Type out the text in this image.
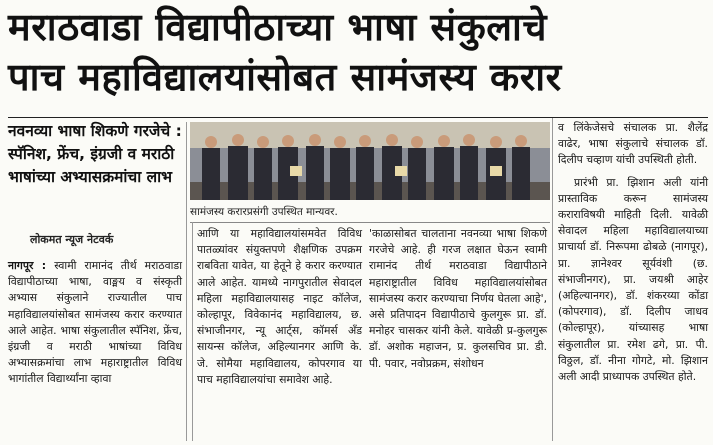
मराठवाडा विद्यापीठाच्या भाषा संकुलाचे
पाच महाविद्यालयांसोबत सामंजस्य करार
नवनव्या भाषा शिकणे गरजेचे : स्पॅनिश, फ्रेंच, इंग्रजी व मराठी भाषांच्या अभ्यासक्रमांचा लाभ
लोकमत न्यूज नेटवर्क
सामंजस्य करारप्रसंगी उपस्थित मान्यवर.

नागपूर : स्वामी रामानंद तीर्थ मराठवाडा विद्यापीठाच्या भाषा, वाङ्मय व संस्कृती अभ्यास संकुलाने राज्यातील पाच महाविद्यालयांसोबत सामंजस्य करार करण्यात आले आहेत. भाषा संकुलातील स्पॅनिश, फ्रेंच, इंग्रजी व मराठी भाषांच्या विविध अभ्यासक्रमांचा लाभ महाराष्ट्रातील विविध भागांतील विद्यार्थ्यांना व्हावा

आणि या महाविद्यालयांसमवेत विविध पातळ्यांवर संयुक्तपणे शैक्षणिक उपक्रम राबविता यावेत, या हेतूने हे करार करण्यात आले आहेत. यामध्ये नागपुरातील सेवादल महिला महाविद्यालयासह नाइट कॉलेज, कोल्हापूर, विवेकानंद महाविद्यालय, छ. संभाजीनगर, न्यू आर्ट्स, कॉमर्स अँड सायन्स कॉलेज, अहिल्यानगर आणि के. जे. सोमैया महाविद्यालय, कोपरगाव या पाच महाविद्यालयांचा समावेश आहे.

'काळासोबत चालताना नवनव्या भाषा शिकणे गरजेचे आहे. ही गरज लक्षात घेऊन स्वामी रामानंद तीर्थ मराठवाडा विद्यापीठाने महाराष्ट्रातील विविध महाविद्यालयांसोबत सामंजस्य करार करण्याचा निर्णय घेतला आहे', असे प्रतिपादन विद्यापीठाचे कुलगुरू प्रा. डॉ. मनोहर चासकर यांनी केले. यावेळी प्र-कुलगुरू डॉ. अशोक महाजन, प्र. कुलसचिव प्रा. डी. पी. पवार, नवोप्रक्रम, संशोधन

व लिंकेजेसचे संचालक प्रा. शैलेंद्र वाढेर, भाषा संकुलाचे संचालक डॉ. दिलीप चव्हाण यांची उपस्थिती होती.

प्रारंभी प्रा. झिशान अली यांनी प्रास्ताविक करून सामंजस्य कराराविषयी माहिती दिली. यावेळी सेवादल महिला महाविद्यालयाच्या प्राचार्या डॉ. निरूपमा ढोबळे (नागपूर), प्रा. ज्ञानेश्वर सूर्यवंशी (छ. संभाजीनगर), प्रा. जयश्री आहेर (अहिल्यानगर), डॉ. शंकरय्या कोंडा (कोपरगाव), डॉ. दिलीप जाधव (कोल्हापूर), यांच्यासह भाषा संकुलातील प्रा. रमेश ढगे, प्रा. पी. विठ्ठल, डॉ. नीना गोगटे, मो. झिशान अली आदी प्राध्यापक उपस्थित होते.
